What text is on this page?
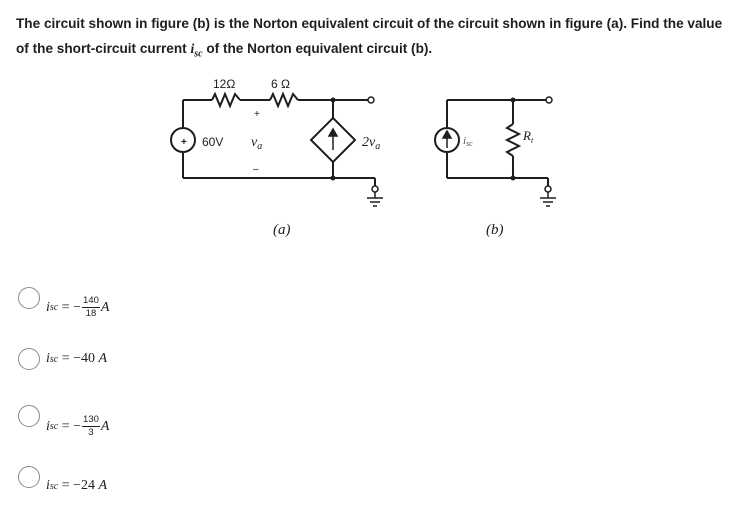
The circuit shown in figure (b) is the Norton equivalent circuit of the circuit shown in figure (a). Find the value of the short-circuit current $i_{sc}$ of the Norton equivalent circuit (b).
+
12Ω	6 Ω
60V
+
$v_a$
–
$2v_a$
(a)
isc
$R_t$
(b)
i sc = − $\frac{140}{18}$ A
i sc = −40
A
i sc = − $\frac{130}{3}$ A
i sc = −24
A
